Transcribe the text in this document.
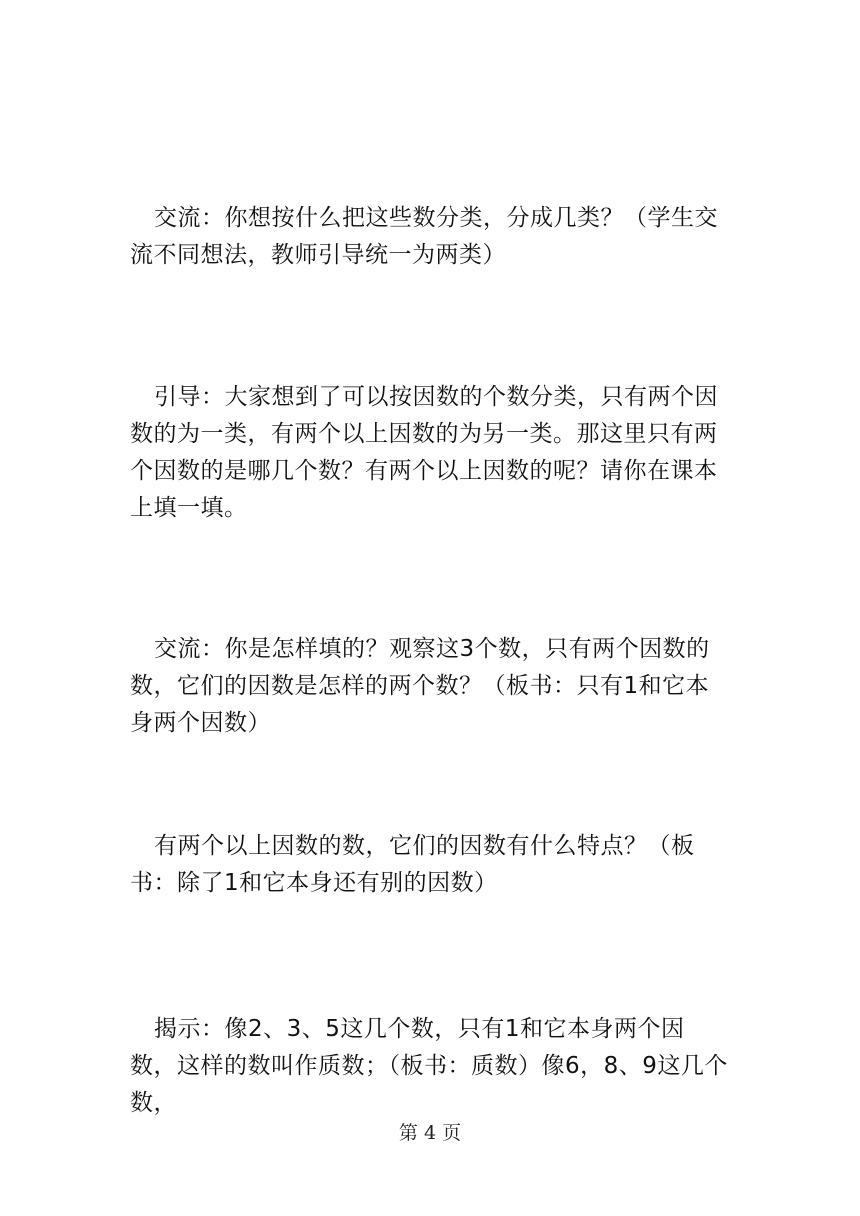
交流：你想按什么把这些数分类，分成几类？（学生交流不同想法，教师引导统一为两类）

引导：大家想到了可以按因数的个数分类，只有两个因数的为一类，有两个以上因数的为另一类。那这里只有两个因数的是哪几个数？有两个以上因数的呢？请你在课本上填一填。

交流：你是怎样填的？观察这3个数，只有两个因数的数，它们的因数是怎样的两个数？（板书：只有1和它本身两个因数）

有两个以上因数的数，它们的因数有什么特点？（板书：除了1和它本身还有别的因数）

揭示：像2、3、5这几个数，只有1和它本身两个因数，这样的数叫作质数；（板书：质数）像6，8、9这几个数，

第 4 页
